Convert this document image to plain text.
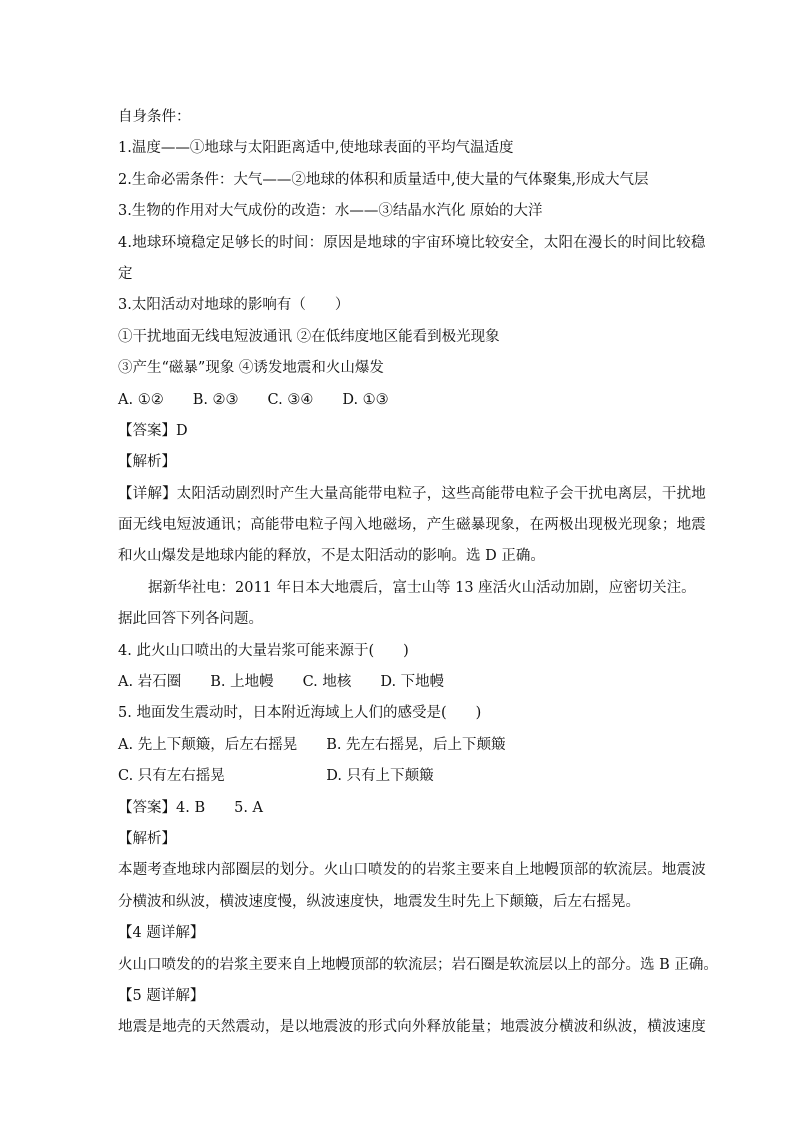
自身条件：
1.温度——①地球与太阳距离适中,使地球表面的平均气温适度
2.生命必需条件：大气——②地球的体积和质量适中,使大量的气体聚集,形成大气层
3.生物的作用对大气成份的改造：水——③结晶水汽化 原始的大洋
4.地球环境稳定足够长的时间：原因是地球的宇宙环境比较安全，太阳在漫长的时间比较稳
定
3.太阳活动对地球的影响有（　　）
①干扰地面无线电短波通讯 ②在低纬度地区能看到极光现象
③产生“磁暴”现象 ④诱发地震和火山爆发
A. ①②　　B. ②③　　C. ③④　　D. ①③
【答案】D
【解析】
【详解】太阳活动剧烈时产生大量高能带电粒子，这些高能带电粒子会干扰电离层，干扰地
面无线电短波通讯；高能带电粒子闯入地磁场，产生磁暴现象，在两极出现极光现象；地震
和火山爆发是地球内能的释放，不是太阳活动的影响。选 D 正确。
据新华社电：2011 年日本大地震后，富士山等 13 座活火山活动加剧，应密切关注。
据此回答下列各问题。
4. 此火山口喷出的大量岩浆可能来源于(　　)
A. 岩石圈　　B. 上地幔　　C. 地核　　D. 下地幔
5. 地面发生震动时，日本附近海域上人们的感受是(　　)
A. 先上下颠簸，后左右摇晃　　B. 先左右摇晃，后上下颠簸
C. 只有左右摇晃　　　　　　　D. 只有上下颠簸
【答案】4. B　　5. A
【解析】
本题考查地球内部圈层的划分。火山口喷发的的岩浆主要来自上地幔顶部的软流层。地震波
分横波和纵波，横波速度慢，纵波速度快，地震发生时先上下颠簸，后左右摇晃。
【4 题详解】
火山口喷发的的岩浆主要来自上地幔顶部的软流层；岩石圈是软流层以上的部分。选 B 正确。
【5 题详解】
地震是地壳的天然震动，是以地震波的形式向外释放能量；地震波分横波和纵波，横波速度
